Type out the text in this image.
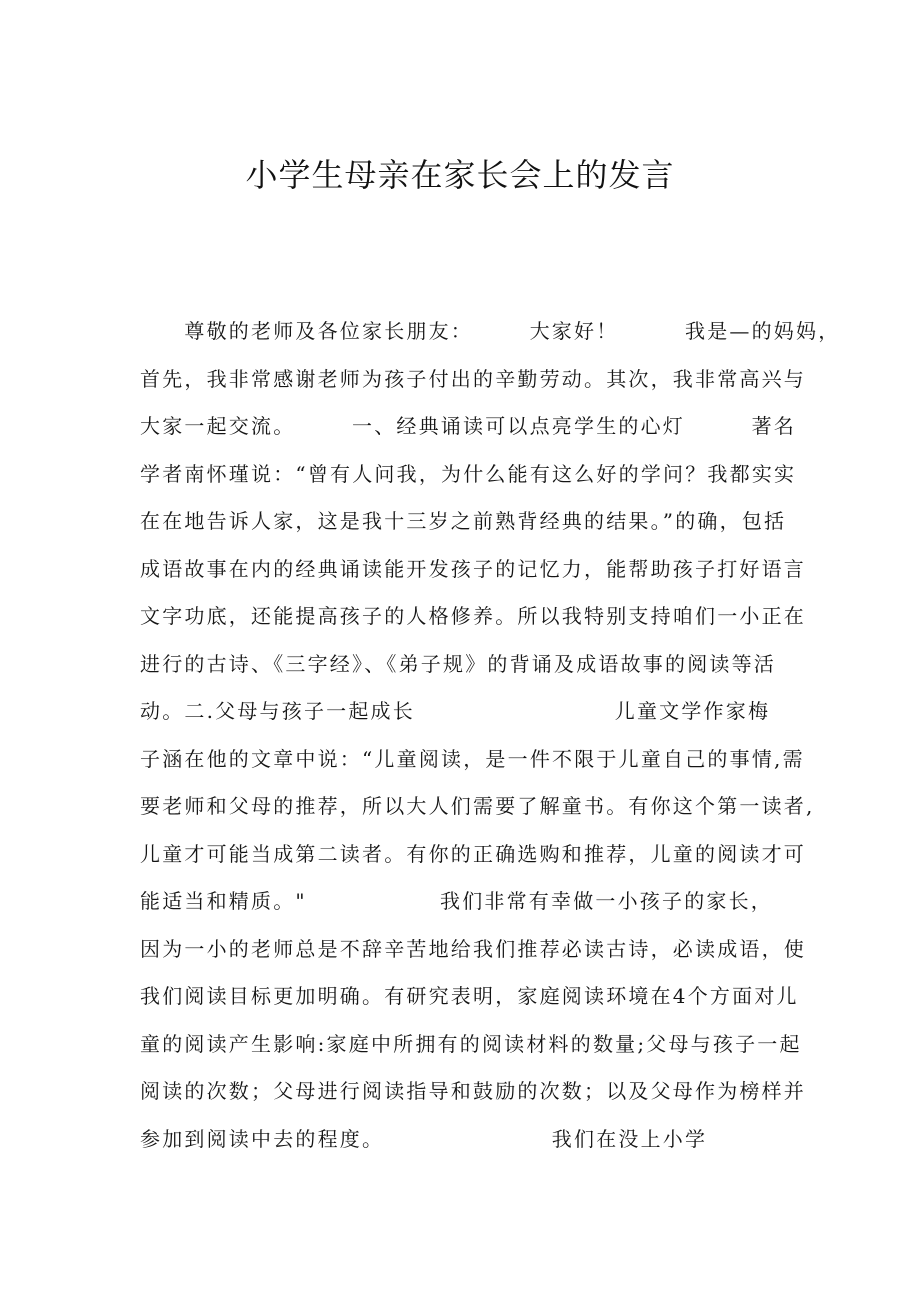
小学生母亲在家长会上的发言
　　尊敬的老师及各位家长朋友：　　　大家好！　　　我是—的妈妈，
首先，我非常感谢老师为孩子付出的辛勤劳动。其次，我非常高兴与
大家一起交流。　　　一、经典诵读可以点亮学生的心灯　　　著名
学者南怀瑾说：“曾有人问我，为什么能有这么好的学问？我都实实
在在地告诉人家，这是我十三岁之前熟背经典的结果。”的确，包括
成语故事在内的经典诵读能开发孩子的记忆力，能帮助孩子打好语言
文字功底，还能提高孩子的人格修养。所以我特别支持咱们一小正在
进行的古诗、《三字经》、《弟子规》的背诵及成语故事的阅读等活
动。二.父母与孩子一起成长　　　　　　　　　儿童文学作家梅
子涵在他的文章中说：“儿童阅读，是一件不限于儿童自己的事情,需
要老师和父母的推荐，所以大人们需要了解童书。有你这个第一读者,
儿童才可能当成第二读者。有你的正确选购和推荐，儿童的阅读才可
能适当和精质。"　　　　　　我们非常有幸做一小孩子的家长，
因为一小的老师总是不辞辛苦地给我们推荐必读古诗，必读成语，使
我们阅读目标更加明确。有研究表明，家庭阅读环境在4个方面对儿
童的阅读产生影响:家庭中所拥有的阅读材料的数量;父母与孩子一起
阅读的次数；父母进行阅读指导和鼓励的次数；以及父母作为榜样并
参加到阅读中去的程度。　　　　　　　　我们在没上小学
